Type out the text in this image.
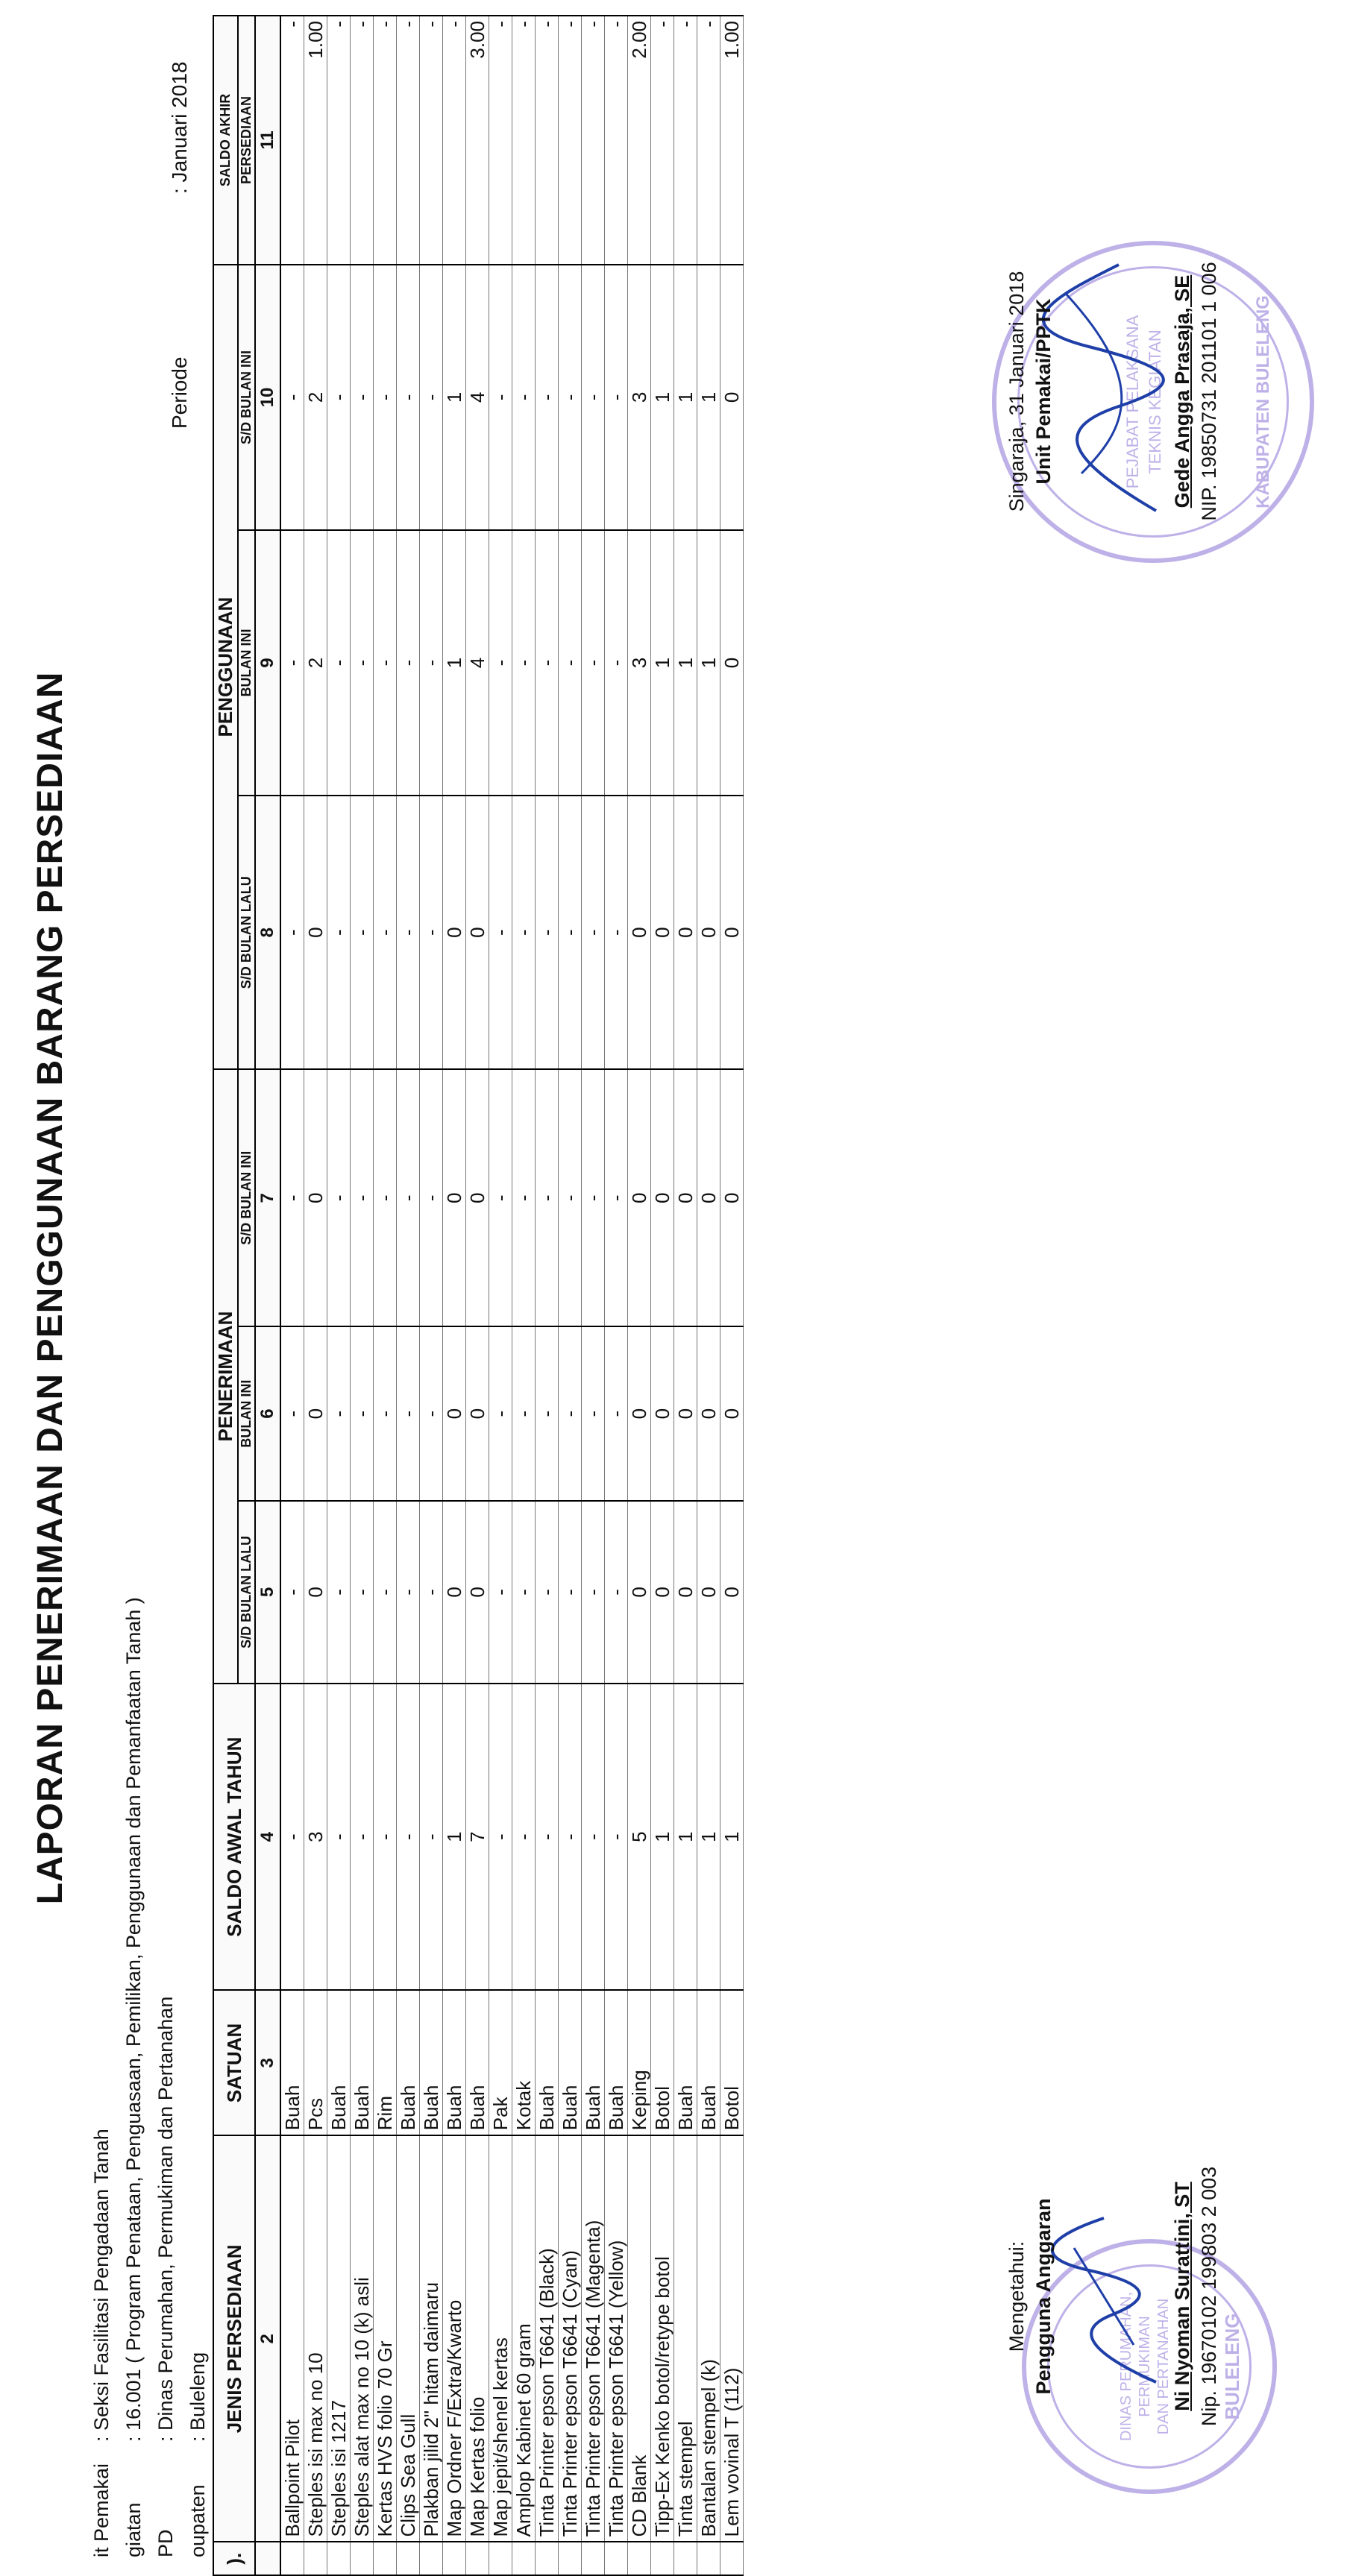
LAPORAN PENERIMAAN DAN PENGGUNAAN BARANG PERSEDIAAN
it Pemakai giatan PD oupaten
: Seksi Fasilitasi Pengadaan Tanah : 16.001 ( Program Penataan, Penguasaan, Pemilikan, Penggunaan dan Pemanfaatan Tanah ) : Dinas Perumahan, Permukiman dan Pertanahan : Buleleng
Periode
: Januari 2018
).	JENIS PERSEDIAAN	SATUAN	SALDO AWAL TAHUN	PENERIMAAN			PENGGUNAAN			SALDO AKHIR
				S/D BULAN LALU	BULAN INI	S/D BULAN INI	S/D BULAN LALU	BULAN INI	S/D BULAN INI	PERSEDIAAN

	2	3	4	5	6	7	8	9	10	11
	Ballpoint Pilot	Buah	-	-	-	-	-	-	-	-
	Steples isi max no 10	Pcs	3	0	0	0	0	2	2	1.00
	Steples isi 1217	Buah	-	-	-	-	-	-	-	-
	Steples alat max no 10 (k) asli	Buah	-	-	-	-	-	-	-	-
	Kertas HVS folio 70 Gr	Rim	-	-	-	-	-	-	-	-
	Clips Sea Gull	Buah	-	-	-	-	-	-	-	-
	Plakban jilid 2" hitam daimaru	Buah	-	-	-	-	-	-	-	-
	Map Ordner F/Extra/Kwarto	Buah	1	0	0	0	0	1	1	-
	Map Kertas folio	Buah	7	0	0	0	0	4	4	3.00
	Map jepit/shenel kertas	Pak	-	-	-	-	-	-	-	-
	Amplop Kabinet 60 gram	Kotak	-	-	-	-	-	-	-	-
	Tinta Printer epson T6641 (Black)	Buah	-	-	-	-	-	-	-	-
	Tinta Printer epson T6641 (Cyan)	Buah	-	-	-	-	-	-	-	-
	Tinta Printer epson T6641 (Magenta)	Buah	-	-	-	-	-	-	-	-
	Tinta Printer epson T6641 (Yellow)	Buah	-	-	-	-	-	-	-	-
	CD Blank	Keping	5	0	0	0	0	3	3	2.00
	Tipp-Ex Kenko botol/retype botol	Botol	1	0	0	0	0	1	1	-
	Tinta stempel	Buah	1	0	0	0	0	1	1	-
	Bantalan stempel (k)	Buah	1	0	0	0	0	1	1	-
	Lem vovinal T (112)	Botol	1	0	0	0	0	0	0	1.00
DINAS PERUMAHAN, PERMUKIMAN DAN PERTANAHAN	BULELENG
Mengetahui: Pengguna Anggaran	Ni Nyoman Surattini, ST Nip. 19670102 199803 2 003
PEJABAT PELAKSANA TEKNIS KEGIATAN	KABUPATEN BULELENG
Singaraja, 31 Januari 2018 Unit Pemakai/PPTK	Gede Angga Prasaja, SE NIP. 19850731 201101 1 006
